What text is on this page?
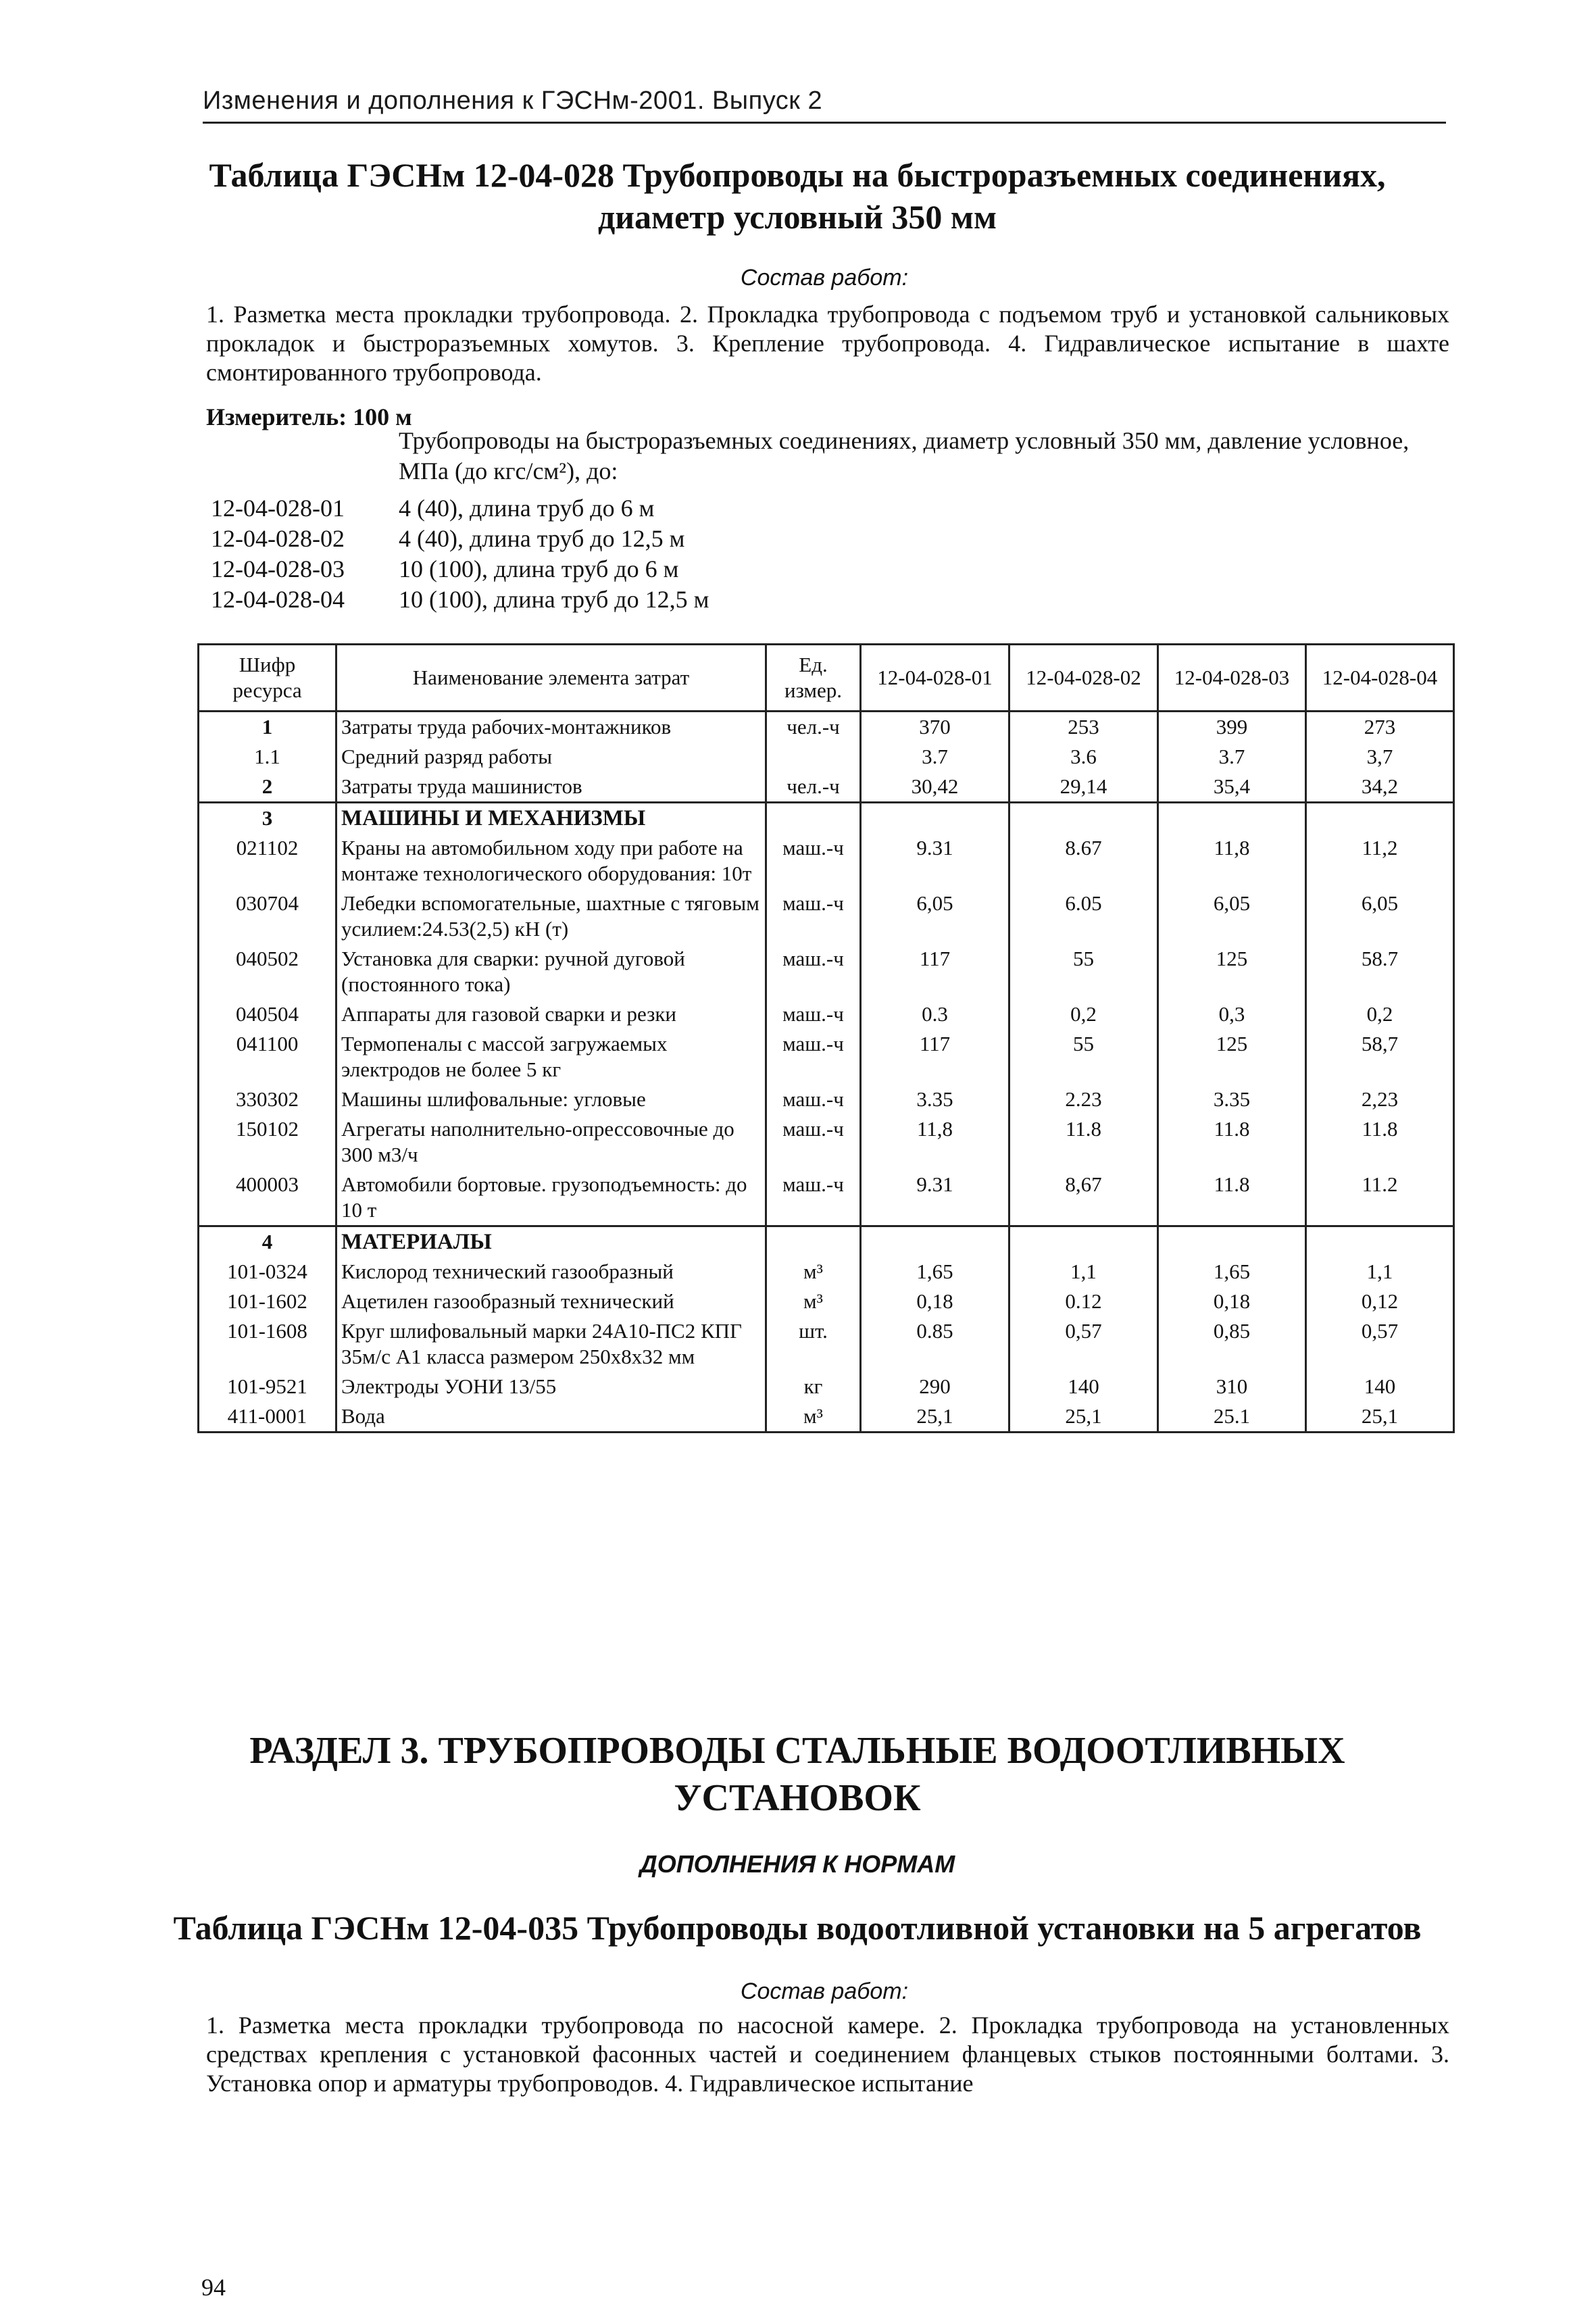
Изменения и дополнения к ГЭСНм-2001. Выпуск 2
Таблица ГЭСНм 12-04-028 Трубопроводы на быстроразъемных соединениях, диаметр условный 350 мм
Состав работ:
1. Разметка места прокладки трубопровода. 2. Прокладка трубопровода с подъемом труб и установкой сальниковых прокладок и быстроразъемных хомутов. 3. Крепление трубопровода. 4. Гидравлическое испытание в шахте смонтированного трубопровода.
Измеритель: 100 м
Трубопроводы на быстроразъемных соединениях, диаметр условный 350 мм, давление условное, МПа (до кгс/см²), до:
12-04-028-01	4 (40), длина труб до 6 м
12-04-028-02	4 (40), длина труб до 12,5 м
12-04-028-03	10 (100), длина труб до 6 м
12-04-028-04	10 (100), длина труб до 12,5 м
Шифр ресурса	Наименование элемента затрат	Ед. измер.	12-04-028-01	12-04-028-02	12-04-028-03	12-04-028-04
1	Затраты труда рабочих-монтажников	чел.-ч	370	253	399	273
1.1	Средний разряд работы		3.7	3.6	3.7	3,7
2	Затраты труда машинистов	чел.-ч	30,42	29,14	35,4	34,2
3	МАШИНЫ И МЕХАНИЗМЫ					
021102	Краны на автомобильном ходу при работе на монтаже технологического оборудования: 10т	маш.-ч	9.31	8.67	11,8	11,2
030704	Лебедки вспомогательные, шахтные с тяговым усилием:24.53(2,5) кН (т)	маш.-ч	6,05	6.05	6,05	6,05
040502	Установка для сварки: ручной дуговой (постоянного тока)	маш.-ч	117	55	125	58.7
040504	Аппараты для газовой сварки и резки	маш.-ч	0.3	0,2	0,3	0,2
041100	Термопеналы с массой загружаемых электродов не более 5 кг	маш.-ч	117	55	125	58,7
330302	Машины шлифовальные: угловые	маш.-ч	3.35	2.23	3.35	2,23
150102	Агрегаты наполнительно-опрессовочные до 300 м3/ч	маш.-ч	11,8	11.8	11.8	11.8
400003	Автомобили бортовые. грузоподъемность: до 10 т	маш.-ч	9.31	8,67	11.8	11.2
4	МАТЕРИАЛЫ					
101-0324	Кислород технический газообразный	м³	1,65	1,1	1,65	1,1
101-1602	Ацетилен газообразный технический	м³	0,18	0.12	0,18	0,12
101-1608	Круг шлифовальный марки 24А10-ПС2 КПГ 35м/с А1 класса размером 250х8х32 мм	шт.	0.85	0,57	0,85	0,57
101-9521	Электроды УОНИ 13/55	кг	290	140	310	140
411-0001	Вода	м³	25,1	25,1	25.1	25,1
РАЗДЕЛ 3. ТРУБОПРОВОДЫ СТАЛЬНЫЕ ВОДООТЛИВНЫХ УСТАНОВОК
ДОПОЛНЕНИЯ К НОРМАМ
Таблица ГЭСНм 12-04-035 Трубопроводы водоотливной установки на 5 агрегатов
Состав работ:
1. Разметка места прокладки трубопровода по насосной камере. 2. Прокладка трубопровода на установленных средствах крепления с установкой фасонных частей и соединением фланцевых стыков постоянными болтами. 3. Установка опор и арматуры трубопроводов. 4. Гидравлическое испытание
94
